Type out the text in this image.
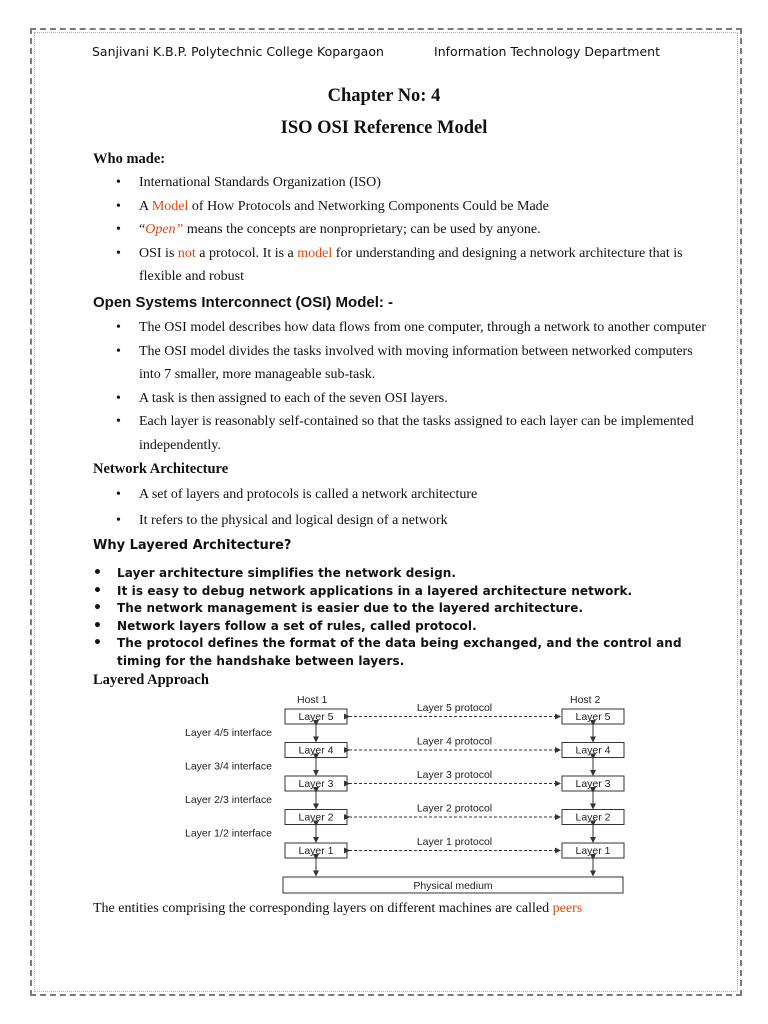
Sanjivani K.B.P. Polytechnic College Kopargaon	Information Technology Department
Chapter No: 4
ISO OSI Reference Model
Who made:
• International Standards Organization (ISO)
• A Model of How Protocols and Networking Components Could be Made
• “Open” means the concepts are nonproprietary; can be used by anyone.
• OSI is not a protocol. It is a model for understanding and designing a network architecture that is flexible and robust
Open Systems Interconnect (OSI) Model: -
• The OSI model describes how data flows from one computer, through a network to another computer
• The OSI model divides the tasks involved with moving information between networked computers into 7 smaller, more manageable sub-task.
• A task is then assigned to each of the seven OSI layers.
• Each layer is reasonably self-contained so that the tasks assigned to each layer can be implemented independently.
Network Architecture
• A set of layers and protocols is called a network architecture
• It refers to the physical and logical design of a network
Why Layered Architecture?
• Layer architecture simplifies the network design.
• It is easy to debug network applications in a layered architecture network.
• The network management is easier due to the layered architecture.
• Network layers follow a set of rules, called protocol.
• The protocol defines the format of the data being exchanged, and the control and timing for the handshake between layers.
Layered Approach
Host 1	Host 2
Layer 5	Layer 5
Layer 5 protocol
Layer 4/5 interface
Layer 4	Layer 4
Layer 4 protocol
Layer 3/4 interface
Layer 3	Layer 3
Layer 3 protocol
Layer 2/3 interface
Layer 2	Layer 2
Layer 2 protocol
Layer 1/2 interface
Layer 1	Layer 1
Layer 1 protocol
Physical medium
The entities comprising the corresponding layers on different machines are called peers
